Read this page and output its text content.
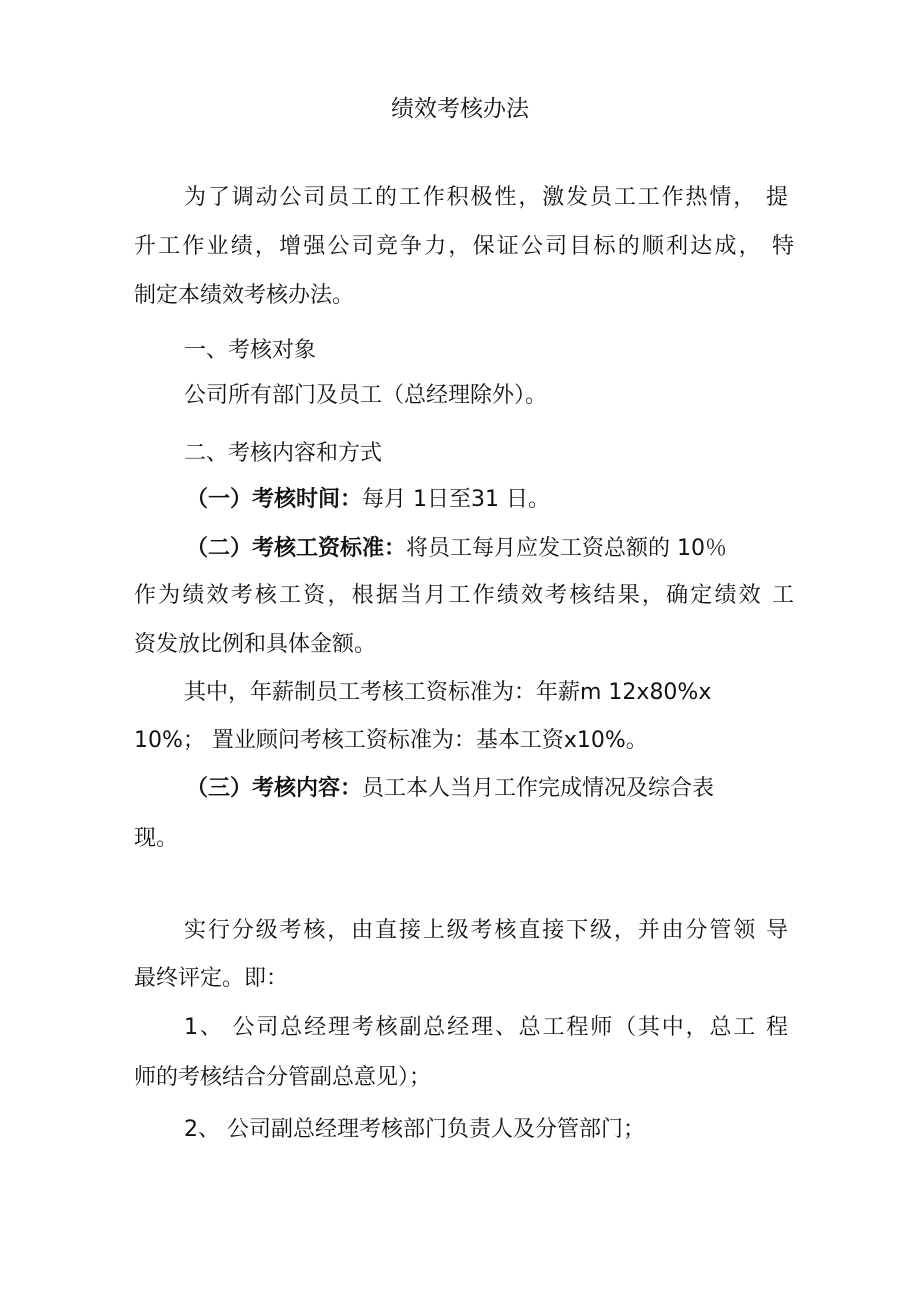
绩效考核办法
为了调动公司员工的工作积极性，激发员工工作热情， 提
升工作业绩，增强公司竞争力，保证公司目标的顺利达成， 特
制定本绩效考核办法。
一、考核对象
公司所有部门及员工（总经理除外）。
二、考核内容和方式
（一）考核时间：每月 1日至31 日。
（二）考核工资标准：将员工每月应发工资总额的 10％
作为绩效考核工资，根据当月工作绩效考核结果，确定绩效 工
资发放比例和具体金额。
其中，年薪制员工考核工资标准为：年薪m 12x80%x
10%； 置业顾问考核工资标准为：基本工资x10%。
（三）考核内容：员工本人当月工作完成情况及综合表
现。
实行分级考核，由直接上级考核直接下级，并由分管领 导
最终评定。即：
1、 公司总经理考核副总经理、总工程师（其中，总工 程
师的考核结合分管副总意见）；
2、 公司副总经理考核部门负责人及分管部门；
